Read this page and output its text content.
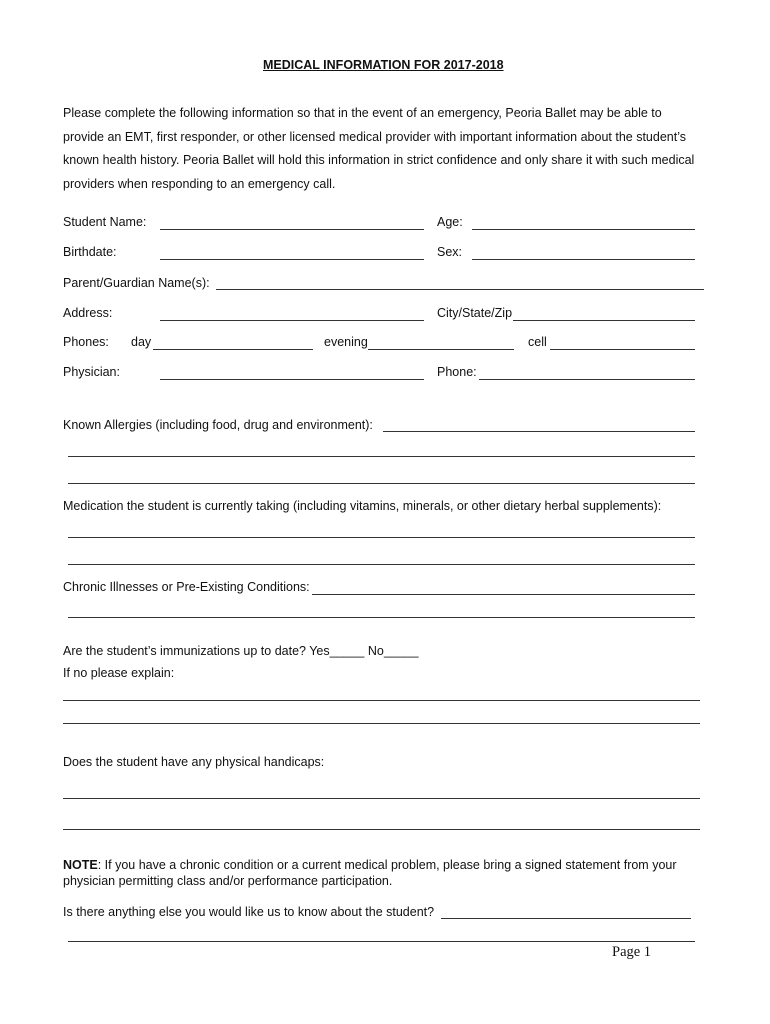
MEDICAL INFORMATION FOR 2017-2018
Please complete the following information so that in the event of an emergency, Peoria Ballet may be able to
provide an EMT, first responder, or other licensed medical provider with important information about the student’s
known health history. Peoria Ballet will hold this information in strict confidence and only share it with such medical
providers when responding to an emergency call.
Student Name:	Age:
Birthdate:	Sex:
Parent/Guardian Name(s):
Address:	City/State/Zip
Phones: day	evening	cell
Physician:	Phone:
Known Allergies (including food, drug and environment):
Medication the student is currently taking (including vitamins, minerals, or other dietary herbal supplements):
Chronic Illnesses or Pre-Existing Conditions:
Are the student’s immunizations up to date? Yes_____ No_____
If no please explain:
Does the student have any physical handicaps:
NOTE: If you have a chronic condition or a current medical problem, please bring a signed statement from your physician permitting class and/or performance participation.
Is there anything else you would like us to know about the student?
Page 1
